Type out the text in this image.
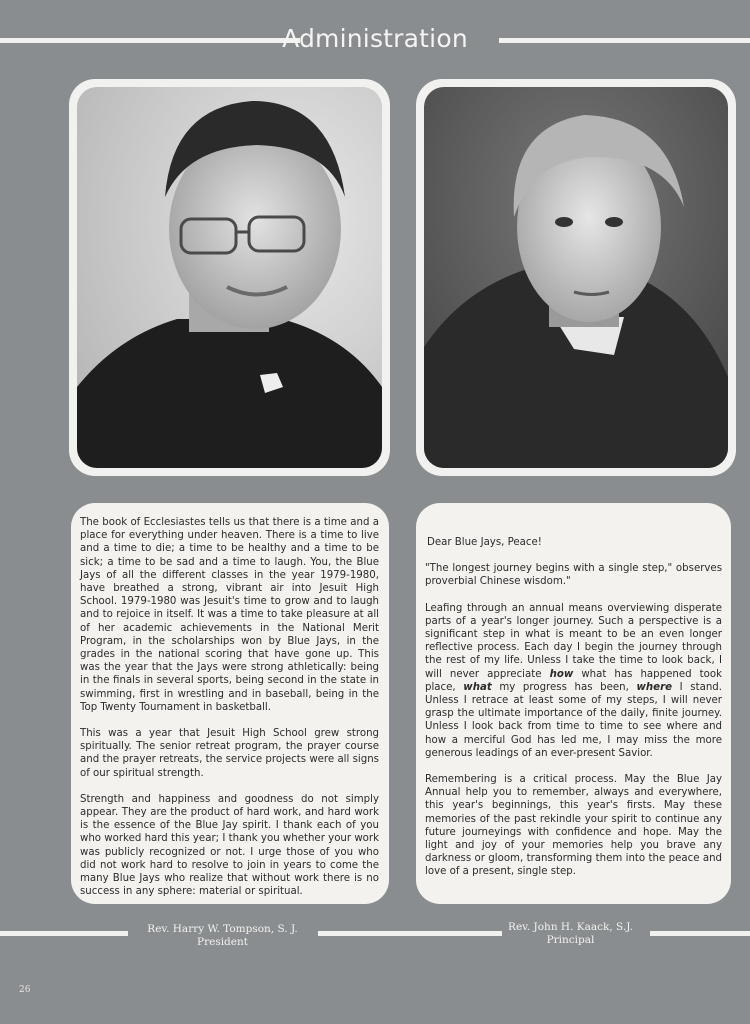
Administration

The book of Ecclesiastes tells us that there is a time and a place for everything under heaven. There is a time to live and a time to die; a time to be healthy and a time to be sick; a time to be sad and a time to laugh. You, the Blue Jays of all the different classes in the year 1979-1980, have breathed a strong, vibrant air into Jesuit High School. 1979-1980 was Jesuit's time to grow and to laugh and to rejoice in itself. It was a time to take pleasure at all of her academic achievements in the National Merit Program, in the scholarships won by Blue Jays, in the grades in the national scoring that have gone up. This was the year that the Jays were strong athletically: being in the finals in several sports, being second in the state in swimming, first in wrestling and in baseball, being in the Top Twenty Tournament in basketball.

This was a year that Jesuit High School grew strong spiritually. The senior retreat program, the prayer course and the prayer retreats, the service projects were all signs of our spiritual strength.

Strength and happiness and goodness do not simply appear. They are the product of hard work, and hard work is the essence of the Blue Jay spirit. I thank each of you who worked hard this year; I thank you whether your work was publicly recognized or not. I urge those of you who did not work hard to resolve to join in years to come the many Blue Jays who realize that without work there is no success in any sphere: material or spiritual.

Dear Blue Jays, Peace!

"The longest journey begins with a single step," observes proverbial Chinese wisdom."

Leafing through an annual means overviewing disperate parts of a year's longer journey. Such a perspective is a significant step in what is meant to be an even longer reflective process. Each day I begin the journey through the rest of my life. Unless I take the time to look back, I will never appreciate how what has happened took place, what my progress has been, where I stand. Unless I retrace at least some of my steps, I will never grasp the ultimate importance of the daily, finite journey. Unless I look back from time to time to see where and how a merciful God has led me, I may miss the more generous leadings of an ever-present Savior.

Remembering is a critical process. May the Blue Jay Annual help you to remember, always and everywhere, this year's beginnings, this year's firsts. May these memories of the past rekindle your spirit to continue any future journeyings with confidence and hope. May the light and joy of your memories help you brave any darkness or gloom, transforming them into the peace and love of a present, single step.

Rev. Harry W. Tompson, S. J.
President
Rev. John H. Kaack, S.J.
Principal
26
